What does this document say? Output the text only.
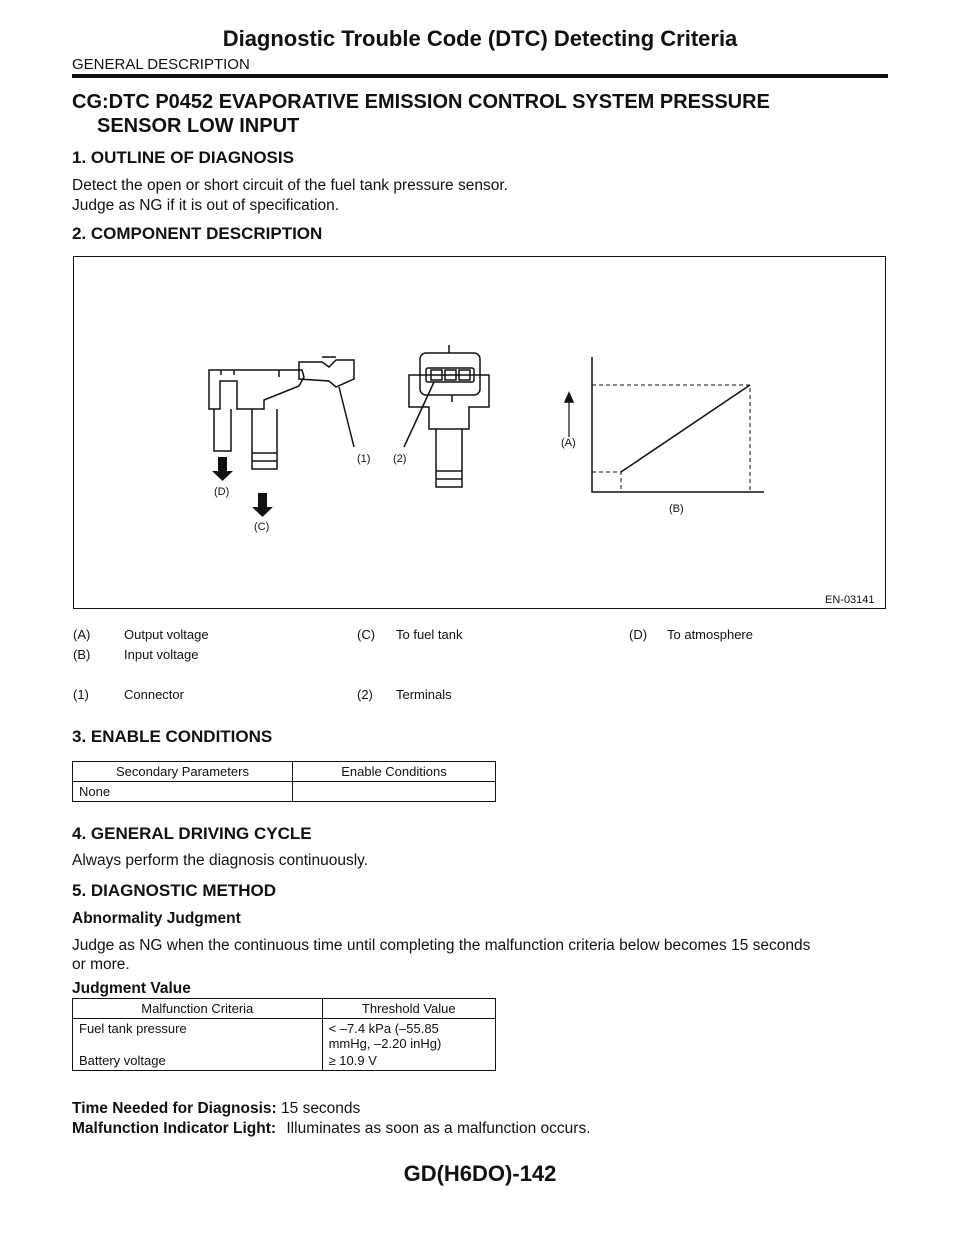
Diagnostic Trouble Code (DTC) Detecting Criteria
GENERAL DESCRIPTION
CG:DTC P0452 EVAPORATIVE EMISSION CONTROL SYSTEM PRESSURE
SENSOR LOW INPUT
1. OUTLINE OF DIAGNOSIS
Detect the open or short circuit of the fuel tank pressure sensor.
Judge as NG if it is out of specification.
2. COMPONENT DESCRIPTION
(D)
(C)
(1) (2)
(A)
(B)
EN-03141
(A)	Output voltage	(C) To fuel tank	(D) To atmosphere
(B)	Input voltage
(1)	Connector	(2) Terminals
3. ENABLE CONDITIONS
Secondary Parameters	Enable Conditions
None	
4. GENERAL DRIVING CYCLE
Always perform the diagnosis continuously.
5. DIAGNOSTIC METHOD
Abnormality Judgment
Judge as NG when the continuous time until completing the malfunction criteria below becomes 15 seconds
or more.
Judgment Value
Malfunction Criteria	Threshold Value
Fuel tank pressure	< –7.4 kPa (–55.85
mmHg, –2.20 inHg)

Battery voltage	≥ 10.9 V
Time Needed for Diagnosis: 15 seconds
Malfunction Indicator Light: Illuminates as soon as a malfunction occurs.
GD(H6DO)-142
